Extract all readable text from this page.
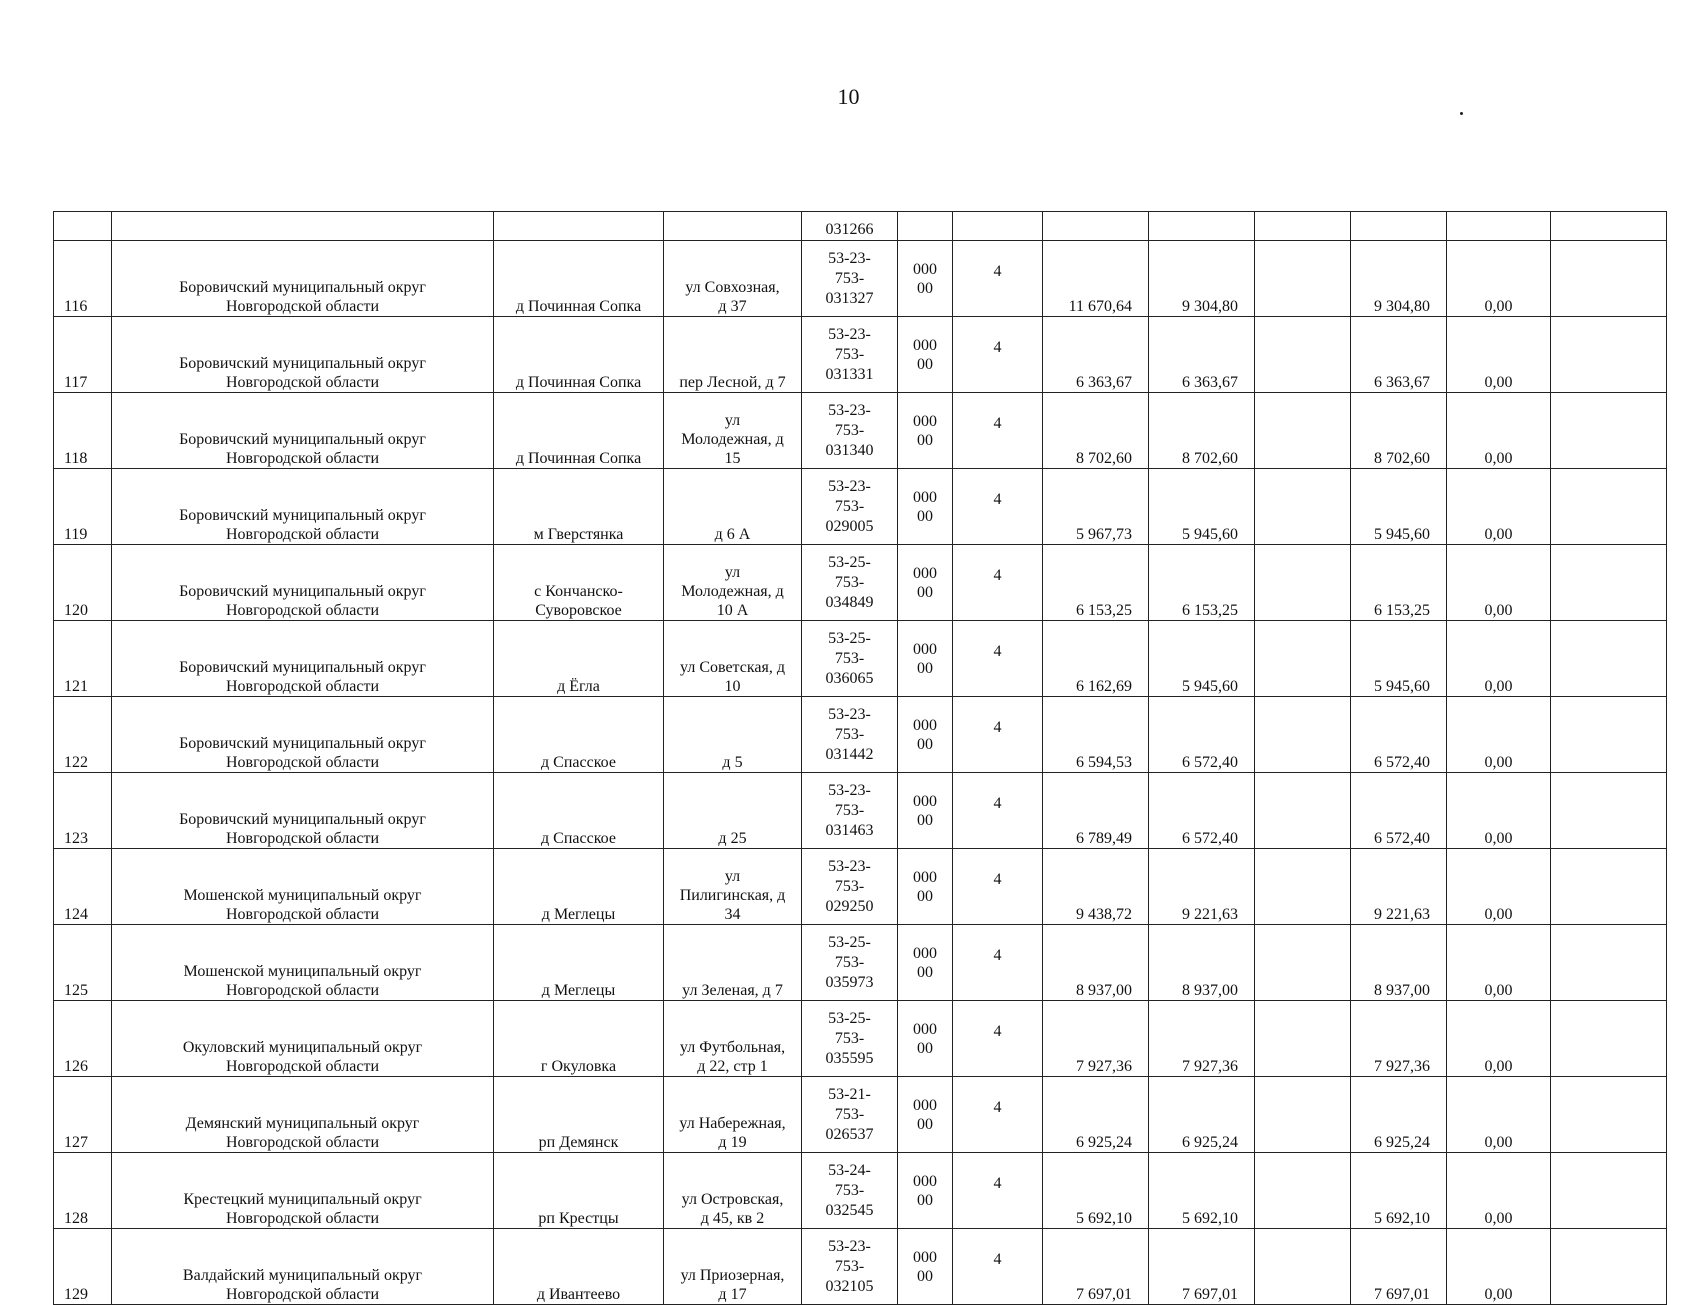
10
				031266								
116	Боровичский муниципальный округ
Новгородской области	д Починная Сопка	ул Совхозная,
д 37	53-23-
753-
031327	000
00	4	11 670,64	9 304,80		9 304,80	0,00	
117	Боровичский муниципальный округ
Новгородской области	д Починная Сопка	пер Лесной, д 7	53-23-
753-
031331	000
00	4	6 363,67	6 363,67		6 363,67	0,00	
118	Боровичский муниципальный округ
Новгородской области	д Починная Сопка	ул
Молодежная, д
15	53-23-
753-
031340	000
00	4	8 702,60	8 702,60		8 702,60	0,00	
119	Боровичский муниципальный округ
Новгородской области	м Гверстянка	д 6 А	53-23-
753-
029005	000
00	4	5 967,73	5 945,60		5 945,60	0,00	
120	Боровичский муниципальный округ
Новгородской области	с Кончанско-
Суворовское	ул
Молодежная, д
10 А	53-25-
753-
034849	000
00	4	6 153,25	6 153,25		6 153,25	0,00	
121	Боровичский муниципальный округ
Новгородской области	д Ёгла	ул Советская, д
10	53-25-
753-
036065	000
00	4	6 162,69	5 945,60		5 945,60	0,00	
122	Боровичский муниципальный округ
Новгородской области	д Спасское	д 5	53-23-
753-
031442	000
00	4	6 594,53	6 572,40		6 572,40	0,00	
123	Боровичский муниципальный округ
Новгородской области	д Спасское	д 25	53-23-
753-
031463	000
00	4	6 789,49	6 572,40		6 572,40	0,00	
124	Мошенской муниципальный округ
Новгородской области	д Меглецы	ул
Пилигинская, д
34	53-23-
753-
029250	000
00	4	9 438,72	9 221,63		9 221,63	0,00	
125	Мошенской муниципальный округ
Новгородской области	д Меглецы	ул Зеленая, д 7	53-25-
753-
035973	000
00	4	8 937,00	8 937,00		8 937,00	0,00	
126	Окуловский муниципальный округ
Новгородской области	г Окуловка	ул Футбольная,
д 22, стр 1	53-25-
753-
035595	000
00	4	7 927,36	7 927,36		7 927,36	0,00	
127	Демянский муниципальный округ
Новгородской области	рп Демянск	ул Набережная,
д 19	53-21-
753-
026537	000
00	4	6 925,24	6 925,24		6 925,24	0,00	
128	Крестецкий муниципальный округ
Новгородской области	рп Крестцы	ул Островская,
д 45, кв 2	53-24-
753-
032545	000
00	4	5 692,10	5 692,10		5 692,10	0,00	
129	Валдайский муниципальный округ
Новгородской области	д Ивантеево	ул Приозерная,
д 17	53-23-
753-
032105	000
00	4	7 697,01	7 697,01		7 697,01	0,00	
